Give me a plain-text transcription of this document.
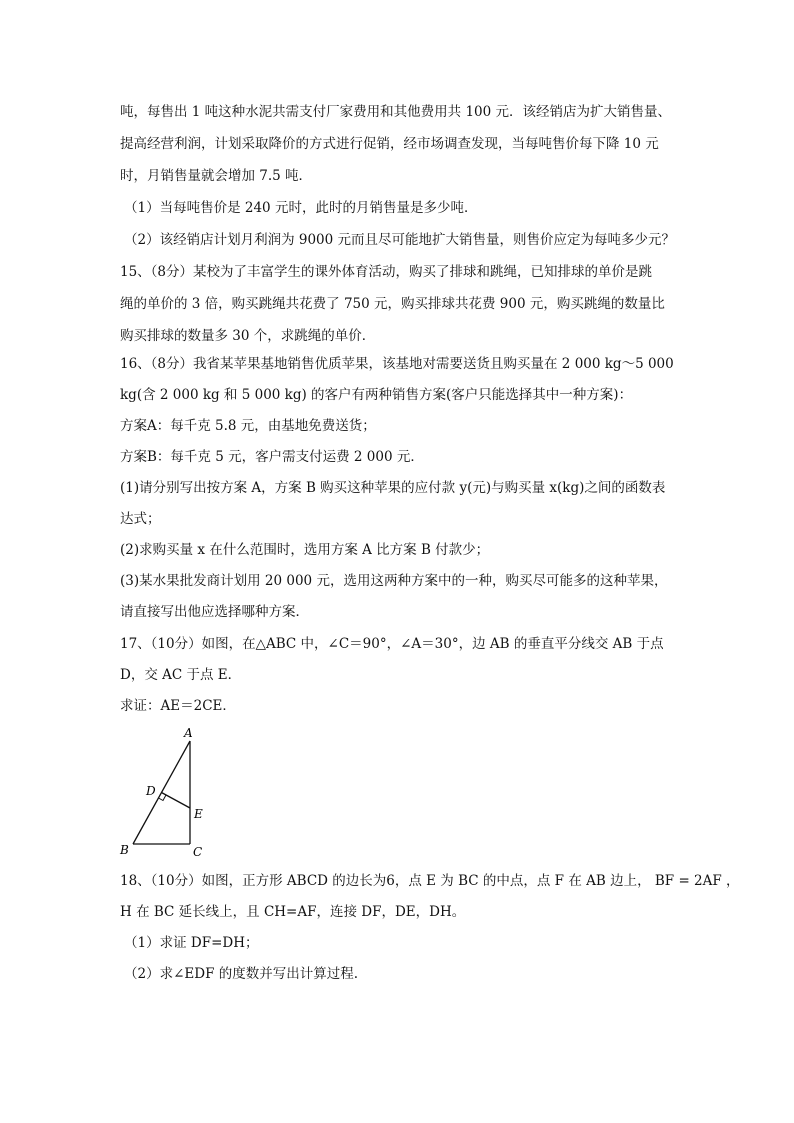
吨，每售出 1 吨这种水泥共需支付厂家费用和其他费用共 100 元．该经销店为扩大销售量、
提高经营利润，计划采取降价的方式进行促销，经市场调查发现，当每吨售价每下降 10 元
时，月销售量就会增加 7.5 吨．
（1）当每吨售价是 240 元时，此时的月销售量是多少吨．
（2）该经销店计划月利润为 9000 元而且尽可能地扩大销售量，则售价应定为每吨多少元？
15、（8分）某校为了丰富学生的课外体育活动，购买了排球和跳绳，已知排球的单价是跳
绳的单价的 3 倍，购买跳绳共花费了 750 元，购买排球共花费 900 元，购买跳绳的数量比
购买排球的数量多 30 个，求跳绳的单价．
16、（8分）我省某苹果基地销售优质苹果，该基地对需要送货且购买量在 2 000 kg～5 000
kg(含 2 000 kg 和 5 000 kg) 的客户有两种销售方案(客户只能选择其中一种方案)：
方案A：每千克 5.8 元，由基地免费送货；
方案B：每千克 5 元，客户需支付运费 2 000 元．
(1)请分别写出按方案 A，方案 B 购买这种苹果的应付款 y(元)与购买量 x(kg)之间的函数表
达式；
(2)求购买量 x 在什么范围时，选用方案 A 比方案 B 付款少；
(3)某水果批发商计划用 20 000 元，选用这两种方案中的一种，购买尽可能多的这种苹果，
请直接写出他应选择哪种方案．
17、（10分）如图，在△ABC 中，∠C＝90°，∠A＝30°，边 AB 的垂直平分线交 AB 于点
D，交 AC 于点 E．
求证：AE＝2CE．
A
D
E
B	C
18、（10分）如图，正方形 ABCD 的边长为6，点 E 为 BC 的中点，点 F 在 AB 边上， BF = 2AF ，
H 在 BC 延长线上，且 CH=AF，连接 DF，DE，DH。
（1）求证 DF=DH；
（2）求∠EDF 的度数并写出计算过程.
